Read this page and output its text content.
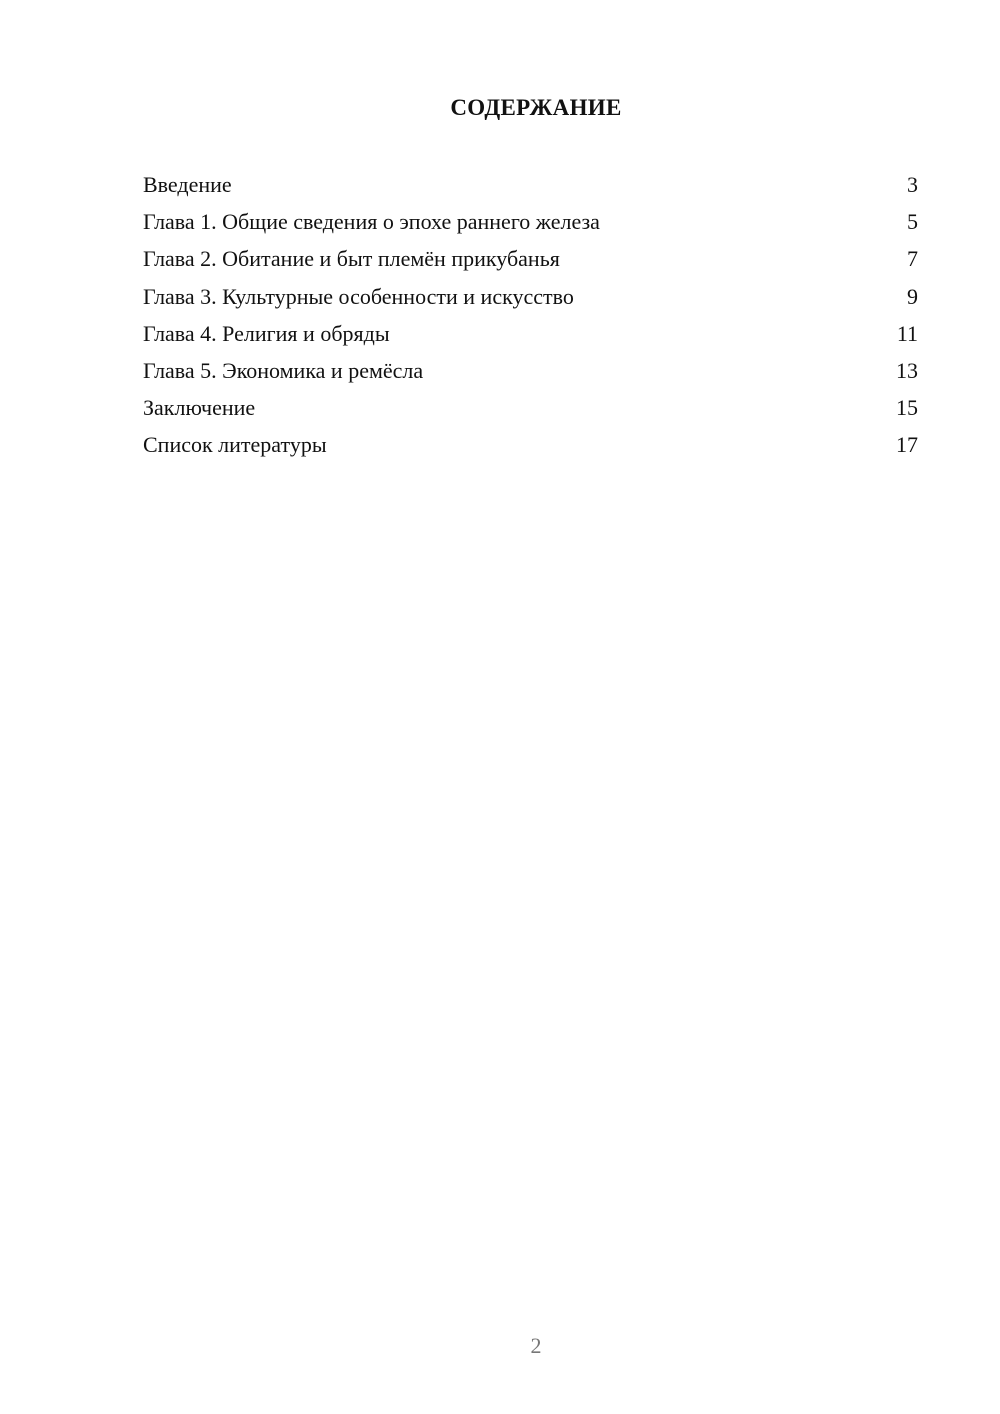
СОДЕРЖАНИЕ
Введение	3
Глава 1. Общие сведения о эпохе раннего железа	5
Глава 2. Обитание и быт племён прикубанья	7
Глава 3. Культурные особенности и искусство	9
Глава 4. Религия и обряды	11
Глава 5. Экономика и ремёсла	13
Заключение	15
Список литературы	17
2
